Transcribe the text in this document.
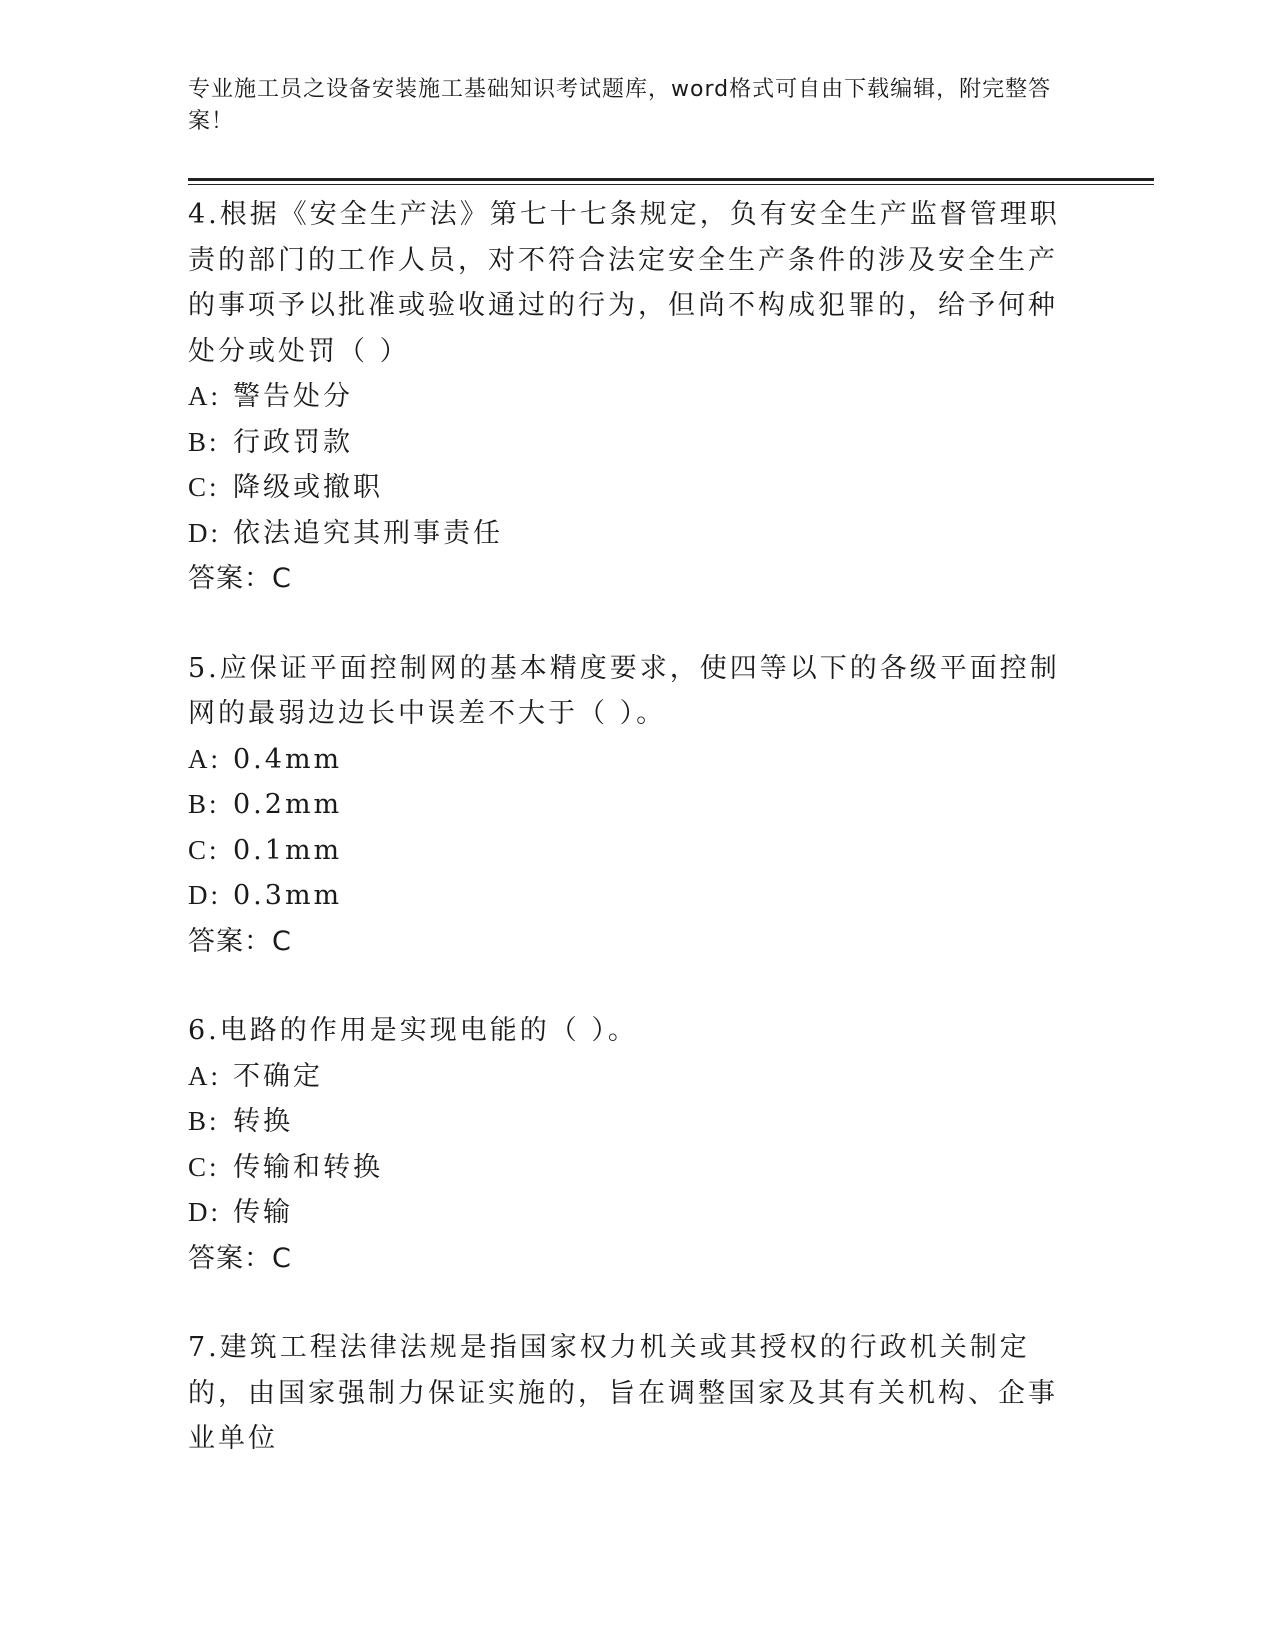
专业施工员之设备安装施工基础知识考试题库，word格式可自由下载编辑，附完整答案！
4.根据《安全生产法》第七十七条规定，负有安全生产监督管理职责的部门的工作人员，对不符合法定安全生产条件的涉及安全生产的事项予以批准或验收通过的行为，但尚不构成犯罪的，给予何种处分或处罚（ ）
A: 警告处分
B: 行政罚款
C: 降级或撤职
D: 依法追究其刑事责任
答案：C
5.应保证平面控制网的基本精度要求，使四等以下的各级平面控制网的最弱边边长中误差不大于（ ）。
A: 0.4mm
B: 0.2mm
C: 0.1mm
D: 0.3mm
答案：C
6.电路的作用是实现电能的（ ）。
A: 不确定
B: 转换
C: 传输和转换
D: 传输
答案：C
7.建筑工程法律法规是指国家权力机关或其授权的行政机关制定的，由国家强制力保证实施的，旨在调整国家及其有关机构、企事业单位
